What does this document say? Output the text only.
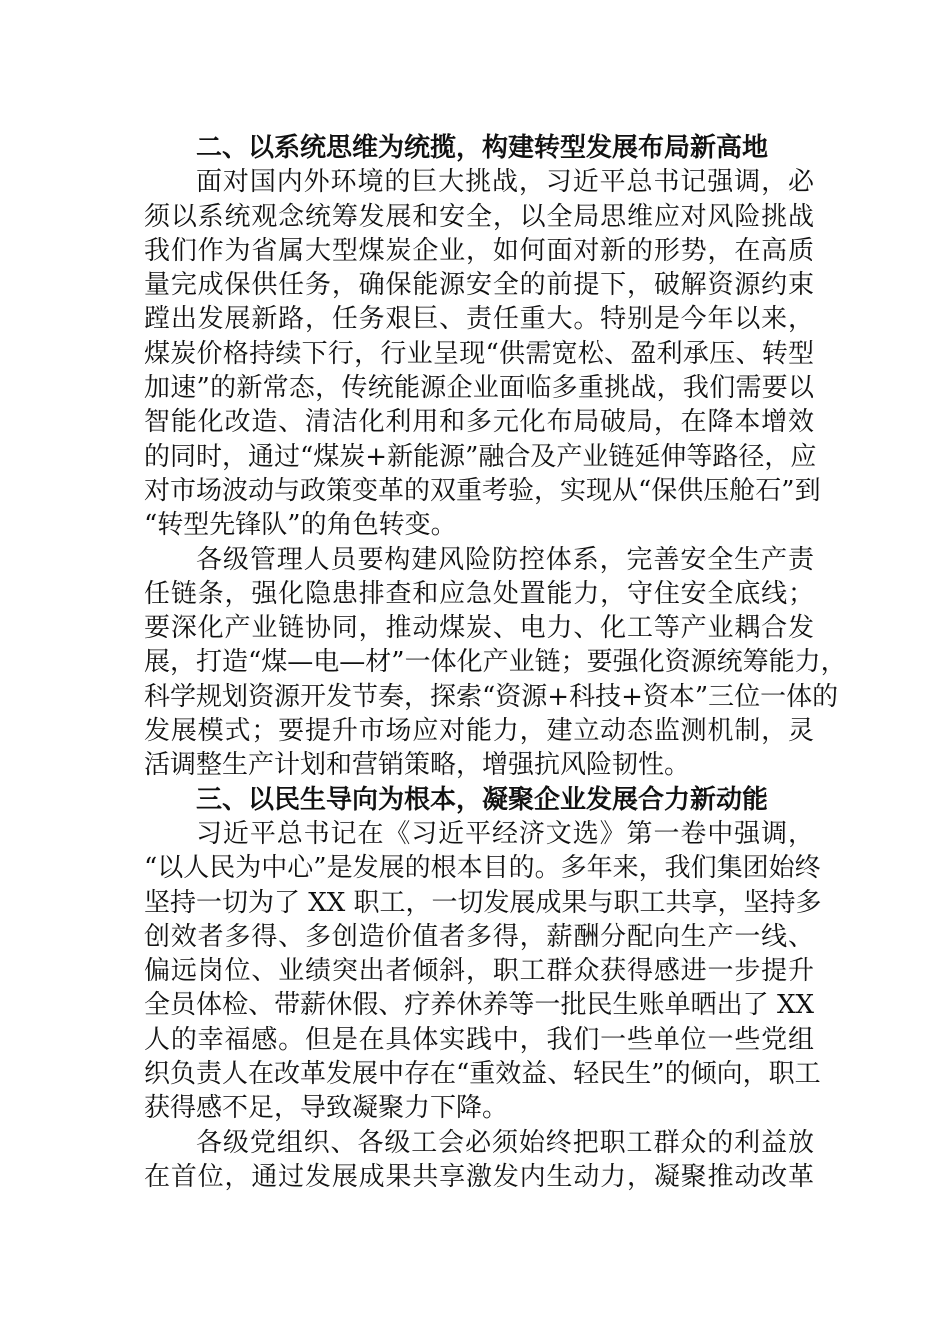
二、以系统思维为统揽，构建转型发展布局新高地
面对国内外环境的巨大挑战，习近平总书记强调，必
须以系统观念统筹发展和安全，以全局思维应对风险挑战
我们作为省属大型煤炭企业，如何面对新的形势，在高质
量完成保供任务，确保能源安全的前提下，破解资源约束
蹚出发展新路，任务艰巨、责任重大。特别是今年以来，
煤炭价格持续下行，行业呈现“供需宽松、盈利承压、转型
加速”的新常态，传统能源企业面临多重挑战，我们需要以
智能化改造、清洁化利用和多元化布局破局，在降本增效
的同时，通过“煤炭+新能源”融合及产业链延伸等路径，应
对市场波动与政策变革的双重考验，实现从“保供压舱石”到
“转型先锋队”的角色转变。
各级管理人员要构建风险防控体系，完善安全生产责
任链条，强化隐患排查和应急处置能力，守住安全底线；
要深化产业链协同，推动煤炭、电力、化工等产业耦合发
展，打造“煤—电—材”一体化产业链；要强化资源统筹能力，
科学规划资源开发节奏，探索“资源+科技+资本”三位一体的
发展模式；要提升市场应对能力，建立动态监测机制，灵
活调整生产计划和营销策略，增强抗风险韧性。
三、以民生导向为根本，凝聚企业发展合力新动能
习近平总书记在《习近平经济文选》第一卷中强调，
“以人民为中心”是发展的根本目的。多年来，我们集团始终
坚持一切为了 XX 职工，一切发展成果与职工共享，坚持多
创效者多得、多创造价值者多得，薪酬分配向生产一线、
偏远岗位、业绩突出者倾斜，职工群众获得感进一步提升
全员体检、带薪休假、疗养休养等一批民生账单晒出了 XX
人的幸福感。但是在具体实践中，我们一些单位一些党组
织负责人在改革发展中存在“重效益、轻民生”的倾向，职工
获得感不足，导致凝聚力下降。
各级党组织、各级工会必须始终把职工群众的利益放
在首位，通过发展成果共享激发内生动力，凝聚推动改革
